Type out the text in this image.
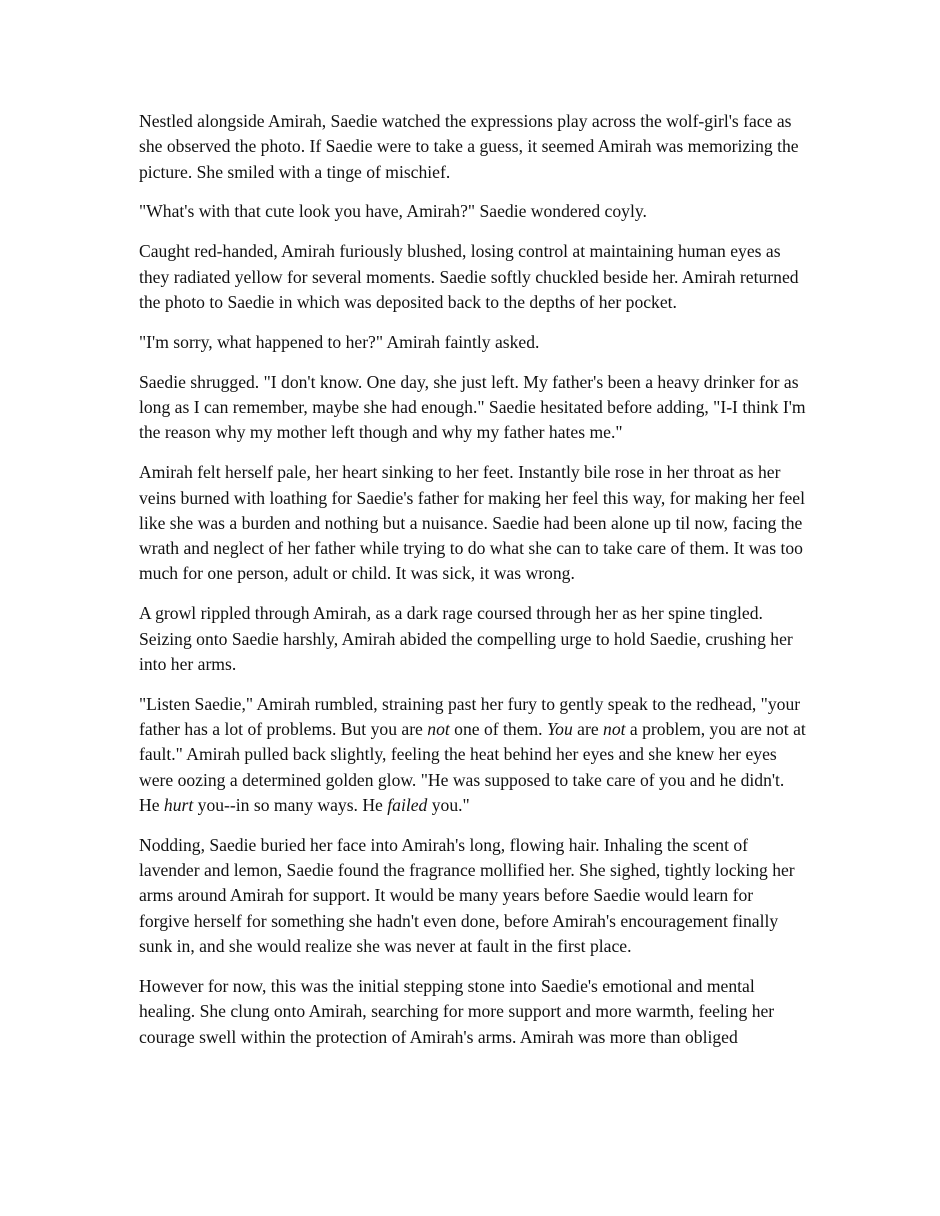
Nestled alongside Amirah, Saedie watched the expressions play across the wolf-girl's face as she observed the photo. If Saedie were to take a guess, it seemed Amirah was memorizing the picture. She smiled with a tinge of mischief.

"What's with that cute look you have, Amirah?" Saedie wondered coyly.

Caught red-handed, Amirah furiously blushed, losing control at maintaining human eyes as they radiated yellow for several moments. Saedie softly chuckled beside her. Amirah returned the photo to Saedie in which was deposited back to the depths of her pocket.

"I'm sorry, what happened to her?" Amirah faintly asked.

Saedie shrugged. "I don't know. One day, she just left. My father's been a heavy drinker for as long as I can remember, maybe she had enough." Saedie hesitated before adding, "I-I think I'm the reason why my mother left though and why my father hates me."

Amirah felt herself pale, her heart sinking to her feet. Instantly bile rose in her throat as her veins burned with loathing for Saedie's father for making her feel this way, for making her feel like she was a burden and nothing but a nuisance. Saedie had been alone up til now, facing the wrath and neglect of her father while trying to do what she can to take care of them. It was too much for one person, adult or child. It was sick, it was wrong.

A growl rippled through Amirah, as a dark rage coursed through her as her spine tingled. Seizing onto Saedie harshly, Amirah abided the compelling urge to hold Saedie, crushing her into her arms.

"Listen Saedie," Amirah rumbled, straining past her fury to gently speak to the redhead, "your father has a lot of problems. But you are not one of them. You are not a problem, you are not at fault." Amirah pulled back slightly, feeling the heat behind her eyes and she knew her eyes were oozing a determined golden glow. "He was supposed to take care of you and he didn't. He hurt you--in so many ways. He failed you."

Nodding, Saedie buried her face into Amirah's long, flowing hair. Inhaling the scent of lavender and lemon, Saedie found the fragrance mollified her. She sighed, tightly locking her arms around Amirah for support. It would be many years before Saedie would learn for forgive herself for something she hadn't even done, before Amirah's encouragement finally sunk in, and she would realize she was never at fault in the first place.

However for now, this was the initial stepping stone into Saedie's emotional and mental healing. She clung onto Amirah, searching for more support and more warmth, feeling her courage swell within the protection of Amirah's arms. Amirah was more than obliged
